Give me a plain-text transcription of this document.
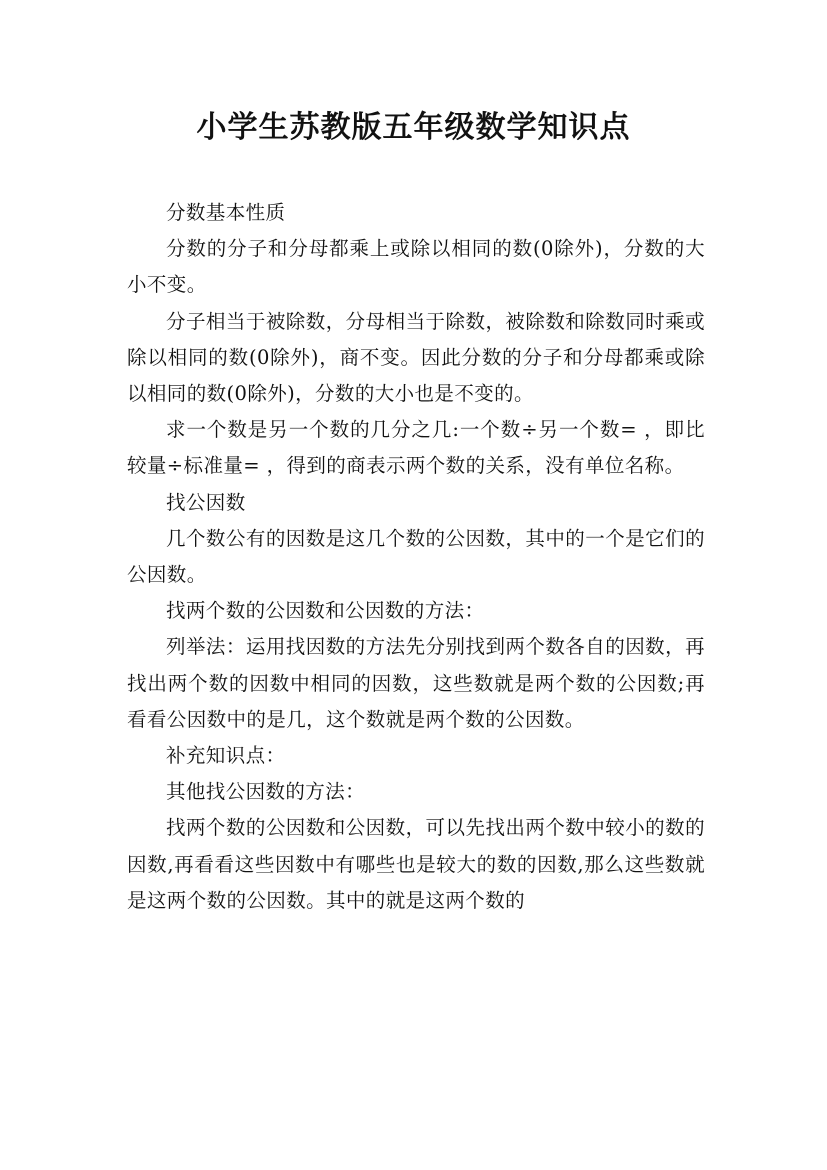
小学生苏教版五年级数学知识点

分数基本性质

分数的分子和分母都乘上或除以相同的数(0除外)，分数的大小不变。

分子相当于被除数，分母相当于除数，被除数和除数同时乘或除以相同的数(0除外)，商不变。因此分数的分子和分母都乘或除以相同的数(0除外)，分数的大小也是不变的。

求一个数是另一个数的几分之几:一个数÷另一个数= ，即比较量÷标准量= ，得到的商表示两个数的关系，没有单位名称。

找公因数

几个数公有的因数是这几个数的公因数，其中的一个是它们的公因数。

找两个数的公因数和公因数的方法：

列举法：运用找因数的方法先分别找到两个数各自的因数，再找出两个数的因数中相同的因数，这些数就是两个数的公因数;再看看公因数中的是几，这个数就是两个数的公因数。

补充知识点：

其他找公因数的方法：

找两个数的公因数和公因数，可以先找出两个数中较小的数的因数,再看看这些因数中有哪些也是较大的数的因数,那么这些数就是这两个数的公因数。其中的就是这两个数的
